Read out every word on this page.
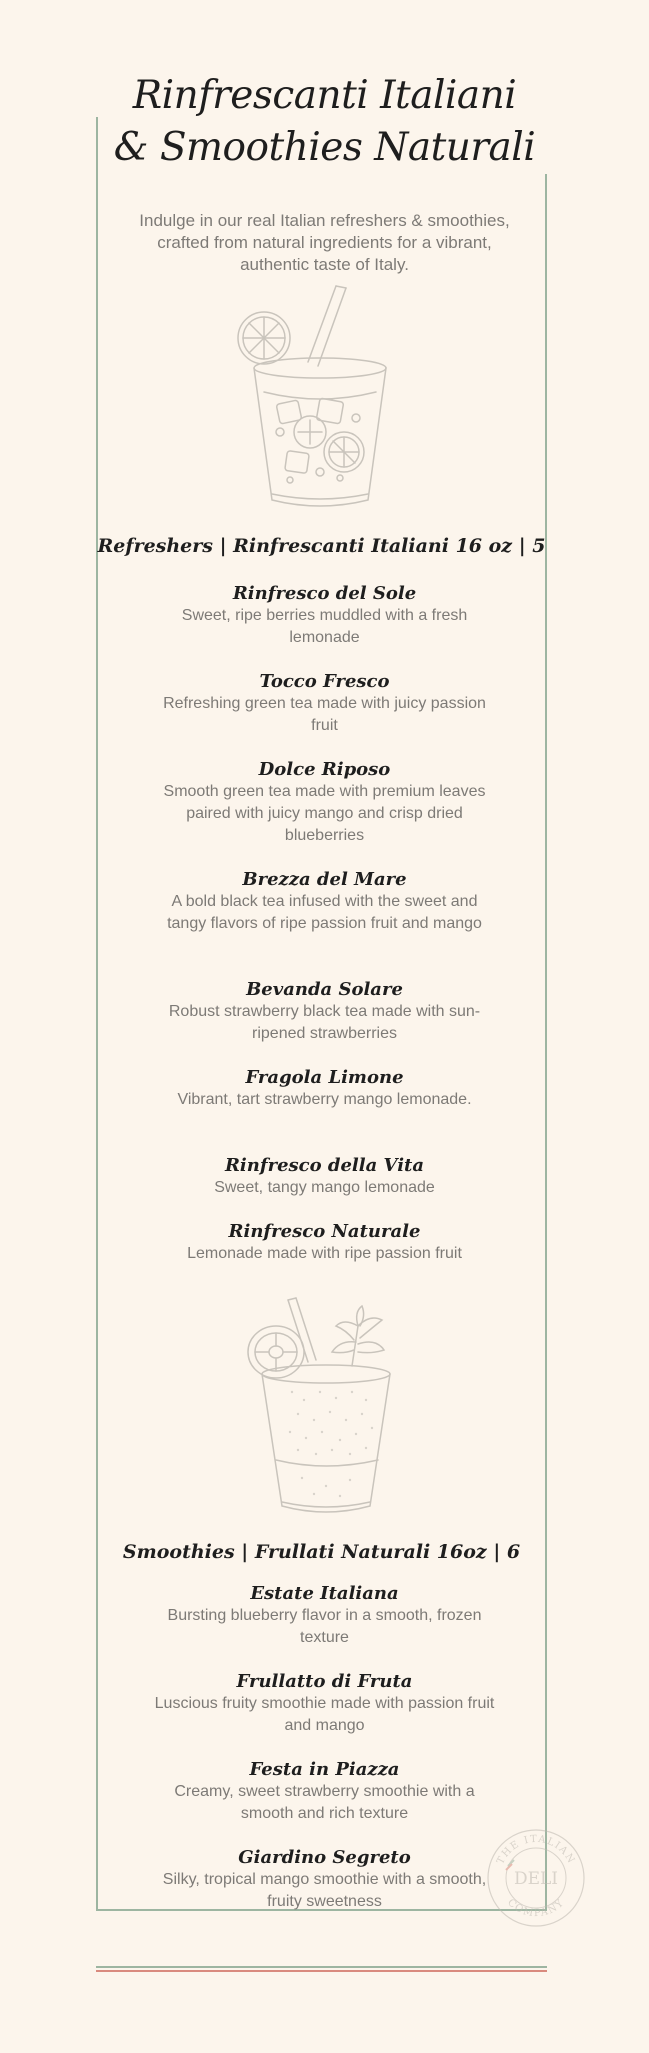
Rinfrescanti Italiani
& Smoothies Naturali
Indulge in our real Italian refreshers & smoothies, crafted from natural ingredients for a vibrant, authentic taste of Italy.
Refreshers | Rinfrescanti Italiani 16 oz | 5
Rinfresco del Sole
Sweet, ripe berries muddled with a fresh lemonade
Tocco Fresco
Refreshing green tea made with juicy passion fruit
Dolce Riposo
Smooth green tea made with premium leaves paired with juicy mango and crisp dried blueberries
Brezza del Mare
A bold black tea infused with the sweet and tangy flavors of ripe passion fruit and mango
Bevanda Solare
Robust strawberry black tea made with sun-ripened strawberries
Fragola Limone
Vibrant, tart strawberry mango lemonade.
Rinfresco della Vita
Sweet, tangy mango lemonade
Rinfresco Naturale
Lemonade made with ripe passion fruit
Smoothies | Frullati Naturali 16oz | 6
Estate Italiana
Bursting blueberry flavor in a smooth, frozen texture
Frullatto di Fruta
Luscious fruity smoothie made with passion fruit and mango
Festa in Piazza
Creamy, sweet strawberry smoothie with a smooth and rich texture
Giardino Segreto
Silky, tropical mango smoothie with a smooth, fruity sweetness
THE ITALIAN
COMPANY
DELI
